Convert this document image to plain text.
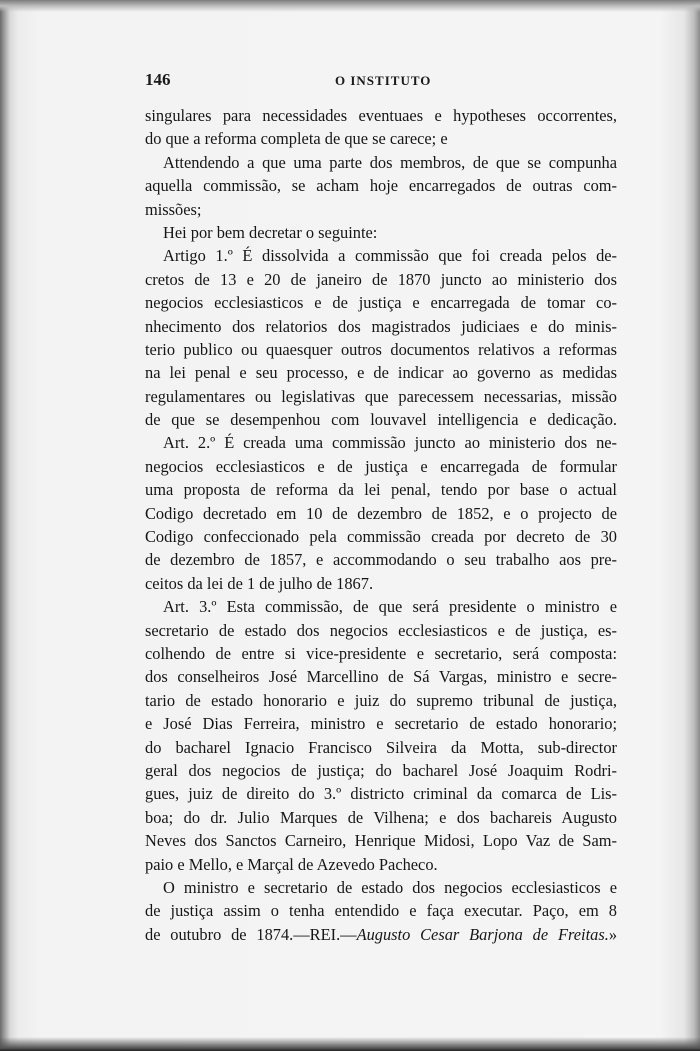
146	O INSTITUTO

singulares para necessidades eventuaes e hypotheses occorrentes,
do que a reforma completa de que se carece; e

Attendendo a que uma parte dos membros, de que se compunha
aquella commissão, se acham hoje encarregados de outras com-
missões;

Hei por bem decretar o seguinte:

Artigo 1.º É dissolvida a commissão que foi creada pelos de-
cretos de 13 e 20 de janeiro de 1870 juncto ao ministerio dos
negocios ecclesiasticos e de justiça e encarregada de tomar co-
nhecimento dos relatorios dos magistrados judiciaes e do minis-
terio publico ou quaesquer outros documentos relativos a reformas
na lei penal e seu processo, e de indicar ao governo as medidas
regulamentares ou legislativas que parecessem necessarias, missão
de que se desempenhou com louvavel intelligencia e dedicação.

Art. 2.º É creada uma commissão juncto ao ministerio dos ne-
negocios ecclesiasticos e de justiça e encarregada de formular
uma proposta de reforma da lei penal, tendo por base o actual
Codigo decretado em 10 de dezembro de 1852, e o projecto de
Codigo confeccionado pela commissão creada por decreto de 30
de dezembro de 1857, e accommodando o seu trabalho aos pre-
ceitos da lei de 1 de julho de 1867.

Art. 3.º Esta commissão, de que será presidente o ministro e
secretario de estado dos negocios ecclesiasticos e de justiça, es-
colhendo de entre si vice-presidente e secretario, será composta:
dos conselheiros José Marcellino de Sá Vargas, ministro e secre-
tario de estado honorario e juiz do supremo tribunal de justiça,
e José Dias Ferreira, ministro e secretario de estado honorario;
do bacharel Ignacio Francisco Silveira da Motta, sub-director
geral dos negocios de justiça; do bacharel José Joaquim Rodri-
gues, juiz de direito do 3.º districto criminal da comarca de Lis-
boa; do dr. Julio Marques de Vilhena; e dos bachareis Augusto
Neves dos Sanctos Carneiro, Henrique Midosi, Lopo Vaz de Sam-
paio e Mello, e Marçal de Azevedo Pacheco.

O ministro e secretario de estado dos negocios ecclesiasticos e
de justiça assim o tenha entendido e faça executar. Paço, em 8
de outubro de 1874.—REI.—Augusto Cesar Barjona de Freitas.»
